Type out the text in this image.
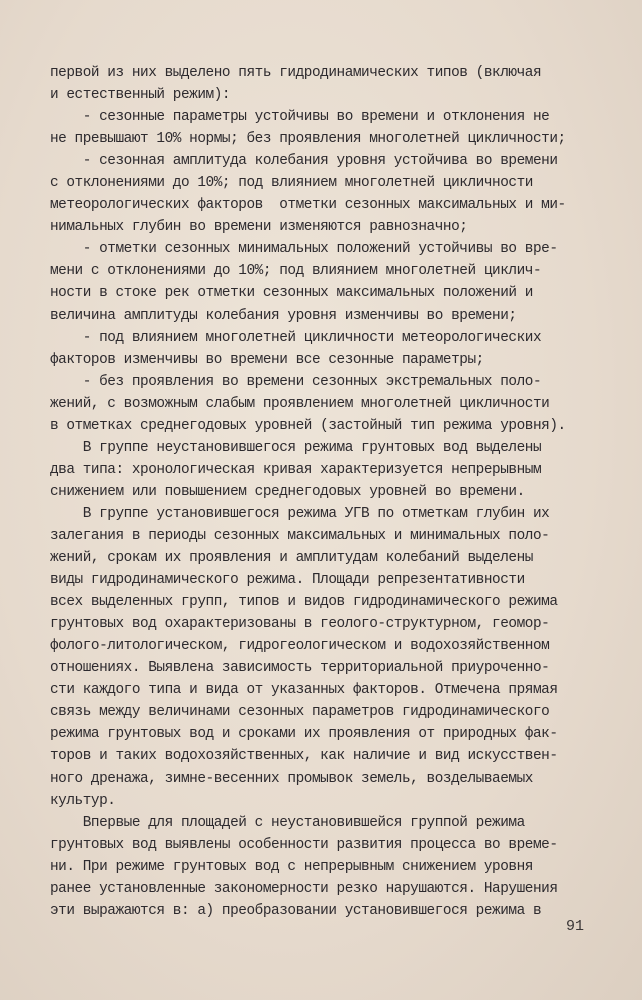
первой из них выделено пять гидродинамических типов (включая
и естественный режим):
- сезонные параметры устойчивы во времени и отклонения не
не превышают 10% нормы; без проявления многолетней цикличности;
- сезонная амплитуда колебания уровня устойчива во времени
с отклонениями до 10%; под влиянием многолетней цикличности
метеорологических факторов  отметки сезонных максимальных и ми-
нимальных глубин во времени изменяются равнозначно;
- отметки сезонных минимальных положений устойчивы во вре-
мени с отклонениями до 10%; под влиянием многолетней циклич-
ности в стоке рек отметки сезонных максимальных положений и
величина амплитуды колебания уровня изменчивы во времени;
- под влиянием многолетней цикличности метеорологических
факторов изменчивы во времени все сезонные параметры;
- без проявления во времени сезонных экстремальных поло-
жений, с возможным слабым проявлением многолетней цикличности
в отметках среднегодовых уровней (застойный тип режима уровня).
В группе неустановившегося режима грунтовых вод выделены
два типа: хронологическая кривая характеризуется непрерывным
снижением или повышением среднегодовых уровней во времени.
В группе установившегося режима УГВ по отметкам глубин их
залегания в периоды сезонных максимальных и минимальных поло-
жений, срокам их проявления и амплитудам колебаний выделены
виды гидродинамического режима. Площади репрезентативности
всех выделенных групп, типов и видов гидродинамического режима
грунтовых вод охарактеризованы в геолого-структурном, геомор-
фолого-литологическом, гидрогеологическом и водохозяйственном
отношениях. Выявлена зависимость территориальной приуроченно-
сти каждого типа и вида от указанных факторов. Отмечена прямая
связь между величинами сезонных параметров гидродинамического
режима грунтовых вод и сроками их проявления от природных фак-
торов и таких водохозяйственных, как наличие и вид искусствен-
ного дренажа, зимне-весенних промывок земель, возделываемых
культур.
Впервые для площадей с неустановившейся группой режима
грунтовых вод выявлены особенности развития процесса во време-
ни. При режиме грунтовых вод с непрерывным снижением уровня
ранее установленные закономерности резко нарушаются. Нарушения
эти выражаются в: а) преобразовании установившегося режима в
91
